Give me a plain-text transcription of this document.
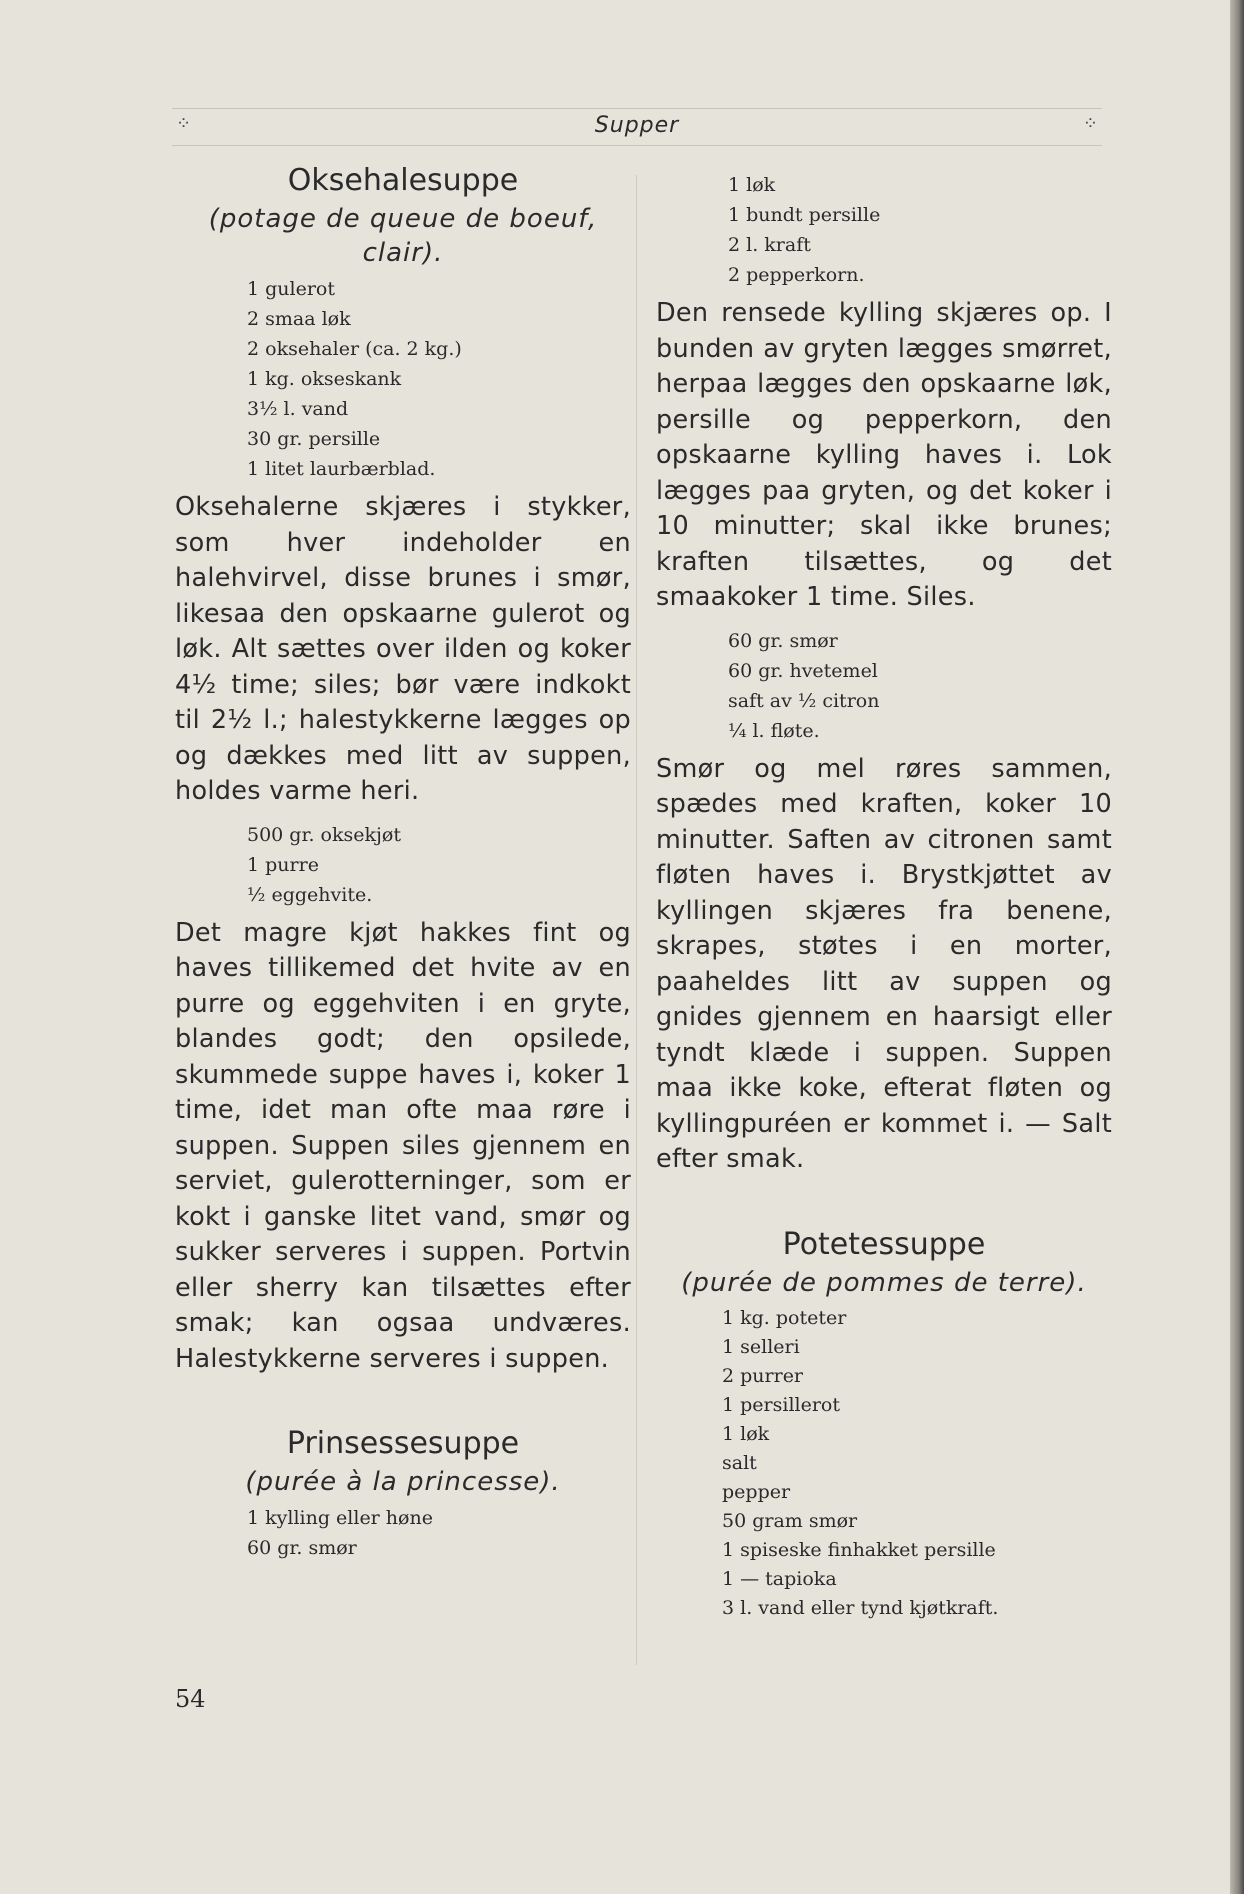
⁘	Supper	⁘
Oksehalesuppe

(potage de queue de boeuf, clair).

1 gulerot
2 smaa løk
2 oksehaler (ca. 2 kg.)
1 kg. okseskank
3½ l. vand
30 gr. persille
1 litet laurbærblad.

Oksehalerne skjæres i stykker, som hver indeholder en halehvirvel, disse brunes i smør, likesaa den opskaarne gulerot og løk. Alt sættes over ilden og koker 4½ time; siles; bør være indkokt til 2½ l.; halestykkerne lægges op og dækkes med litt av suppen, holdes varme heri.

500 gr. oksekjøt
1 purre
½ eggehvite.

Det magre kjøt hakkes fint og haves tillikemed det hvite av en purre og eggehviten i en gryte, blandes godt; den opsilede, skummede suppe haves i, koker 1 time, idet man ofte maa røre i suppen. Suppen siles gjennem en serviet, gulerotterninger, som er kokt i ganske litet vand, smør og sukker serveres i suppen. Portvin eller sherry kan tilsættes efter smak; kan ogsaa undværes. Halestykkerne serveres i suppen.

Prinsessesuppe

(purée à la princesse).

1 kylling eller høne
60 gr. smør
1 løk
1 bundt persille
2 l. kraft
2 pepperkorn.

Den rensede kylling skjæres op. I bunden av gryten lægges smørret, herpaa lægges den opskaarne løk, persille og pepperkorn, den opskaarne kylling haves i. Lok lægges paa gryten, og det koker i 10 minutter; skal ikke brunes; kraften tilsættes, og det smaakoker 1 time. Siles.

60 gr. smør
60 gr. hvetemel
saft av ½ citron
¼ l. fløte.

Smør og mel røres sammen, spædes med kraften, koker 10 minutter. Saften av citronen samt fløten haves i. Brystkjøttet av kyllingen skjæres fra benene, skrapes, støtes i en morter, paaheldes litt av suppen og gnides gjennem en haarsigt eller tyndt klæde i suppen. Suppen maa ikke koke, efterat fløten og kyllingpuréen er kommet i. — Salt efter smak.

Potetessuppe

(purée de pommes de terre).

1 kg. poteter
1 selleri
2 purrer
1 persillerot
1 løk
salt
pepper
50 gram smør
1 spiseske finhakket persille
1 — tapioka
3 l. vand eller tynd kjøtkraft.
54
